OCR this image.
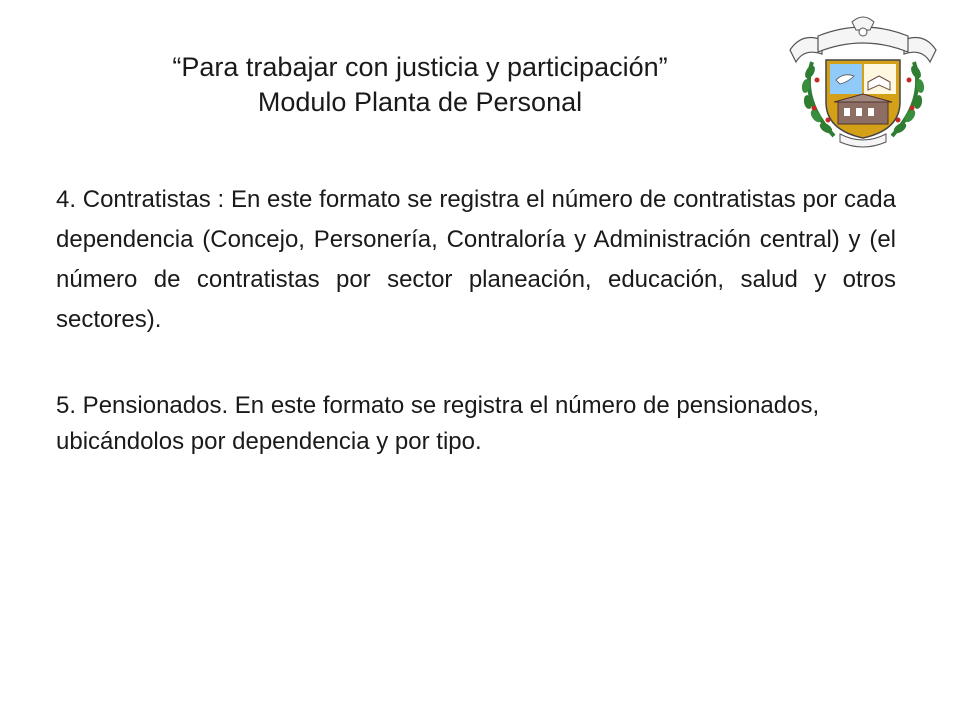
“Para trabajar con justicia y participación”
Modulo Planta de Personal

4. Contratistas : En este formato se registra el número de contratistas por cada dependencia (Concejo, Personería, Contraloría y Administración central) y (el número de contratistas por sector planeación, educación, salud y otros sectores).

5. Pensionados. En este formato se registra el número de pensionados, ubicándolos por dependencia y por tipo.
